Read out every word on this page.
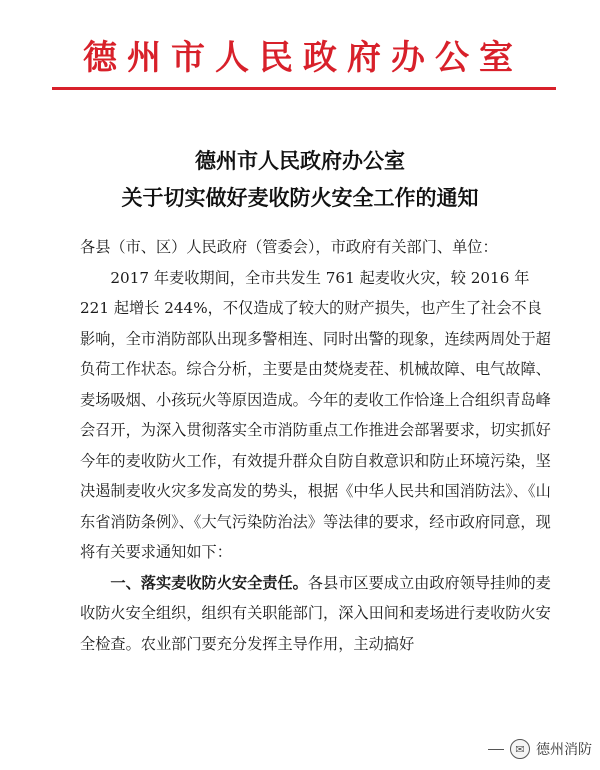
德州市人民政府办公室
德州市人民政府办公室
关于切实做好麦收防火安全工作的通知

各县（市、区）人民政府（管委会），市政府有关部门、单位：

2017 年麦收期间，全市共发生 761 起麦收火灾，较 2016 年 221 起增长 244%，不仅造成了较大的财产损失，也产生了社会不良影响，全市消防部队出现多警相连、同时出警的现象，连续两周处于超负荷工作状态。综合分析，主要是由焚烧麦茬、机械故障、电气故障、麦场吸烟、小孩玩火等原因造成。今年的麦收工作恰逢上合组织青岛峰会召开，为深入贯彻落实全市消防重点工作推进会部署要求，切实抓好今年的麦收防火工作，有效提升群众自防自救意识和防止环境污染，坚决遏制麦收火灾多发高发的势头，根据《中华人民共和国消防法》、《山东省消防条例》、《大气污染防治法》等法律的要求，经市政府同意，现将有关要求通知如下：

一、落实麦收防火安全责任。各县市区要成立由政府领导挂帅的麦收防火安全组织，组织有关职能部门，深入田间和麦场进行麦收防火安全检查。农业部门要充分发挥主导作用，主动搞好

✉ 德州消防
